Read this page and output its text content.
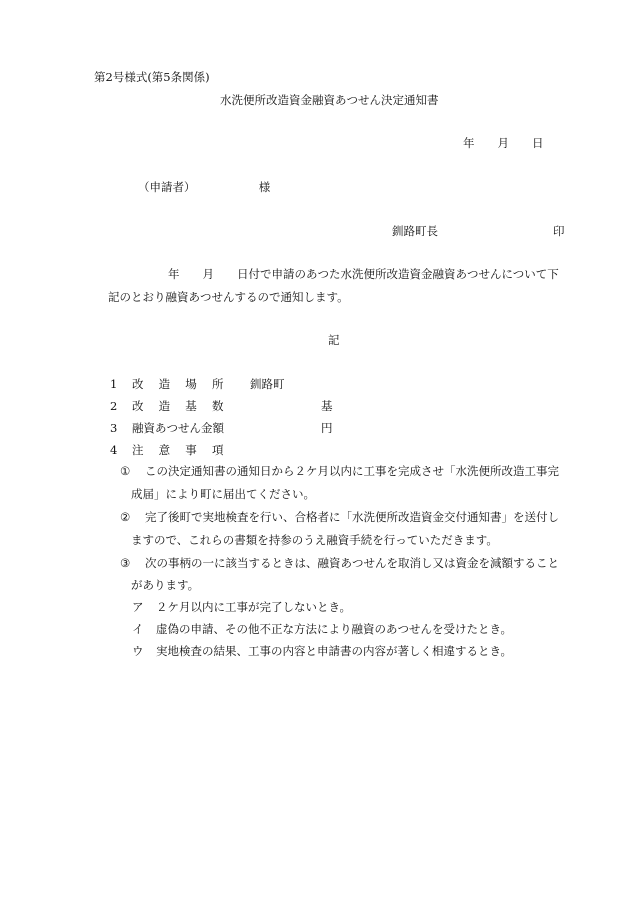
第2号様式(第5条関係)
水洗便所改造資金融資あつせん決定通知書
年　　月　　日
（申請者）　　　　　　様
釧路町長　　　　　　　　　　印
年　　月　　日付で申請のあつた水洗便所改造資金融資あつせんについて下
記のとおり融資あつせんするので通知します。
記
1 改　 造　 場　 所 釧路町
2 改　 造　 基　 数	基
3 融資あつせん金額	円
4 注　 意　 事　 項
① この決定通知書の通知日から２ケ月以内に工事を完成させ「水洗便所改造工事完
成届」により町に届出てください。
② 完了後町で実地検査を行い、合格者に「水洗便所改造資金交付通知書」を送付し
ますので、これらの書類を持参のうえ融資手続を行っていただきます。
③ 次の事柄の一に該当するときは、融資あつせんを取消し又は資金を減額すること
があります。
ア ２ケ月以内に工事が完了しないとき。
イ 虚偽の申請、その他不正な方法により融資のあつせんを受けたとき。
ウ 実地検査の結果、工事の内容と申請書の内容が著しく相違するとき。
